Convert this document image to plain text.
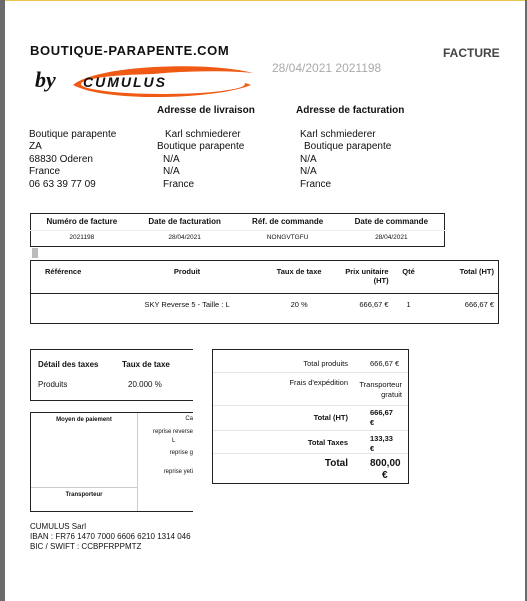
BOUTIQUE-PARAPENTE.COM
by CUMULUS
28/04/2021 2021198
FACTURE
Adresse de livraison	Adresse de facturation
Boutique parapente
ZA
68830 Oderen
France
06 63 39 77 09
Karl schmiederer
Boutique parapente
N/A
N/A
France
Karl schmiederer
Boutique parapente
N/A
N/A
France
Numéro de facture	Date de facturation	Réf. de commande	Date de commande
2021198	28/04/2021	NONGVTGFU	28/04/2021
Référence	Produit	Taux de taxe	Prix unitaire (HT)	Qté	Total (HT)
	SKY Reverse 5 - Taille : L	20 %	666,67 €	1	666,67 €
Détail des taxes	Taux de taxe
Produits	20.000 %
Moyen de paiement	Ca
reprise reverse
L
reprise g
reprise yeti
Transporteur
Total produits	666,67 €
Frais d'expédition	Transporteur
gratuit
Total (HT)
666,67
€
Total Taxes	133,33
€
Total 800,00
€
CUMULUS Sarl
IBAN : FR76 1470 7000 6606 6210 1314 046
BIC / SWIFT : CCBPFRPPMTZ
